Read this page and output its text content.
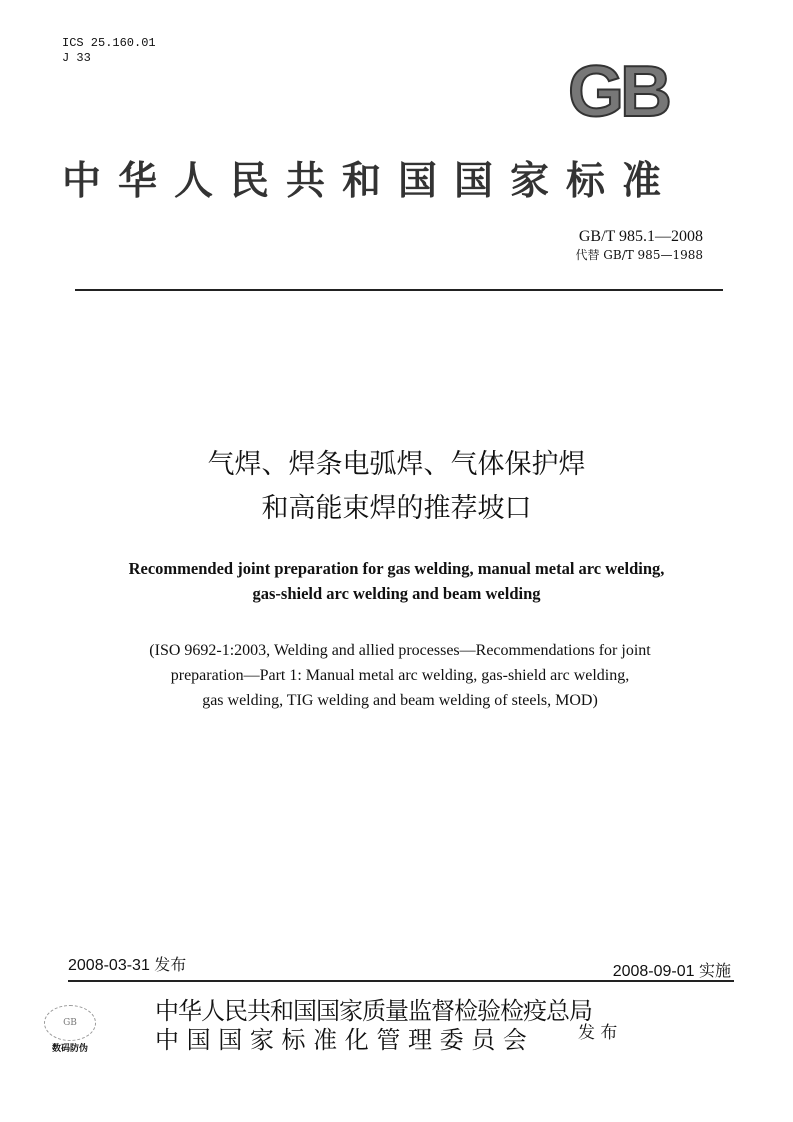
ICS 25.160.01
J 33	GB
中华人民共和国国家标准
GB/T 985.1—2008
代替 GB/T 985—1988
气焊、焊条电弧焊、气体保护焊
和高能束焊的推荐坡口
Recommended joint preparation for gas welding, manual metal arc welding,
gas-shield arc welding and beam welding
(ISO 9692-1:2003, Welding and allied processes—Recommendations for joint
preparation—Part 1: Manual metal arc welding, gas-shield arc welding,
gas welding, TIG welding and beam welding of steels, MOD)
2008-03-31 发布	2008-09-01 实施
GB
数码防伪
中华人民共和国国家质量监督检验检疫总局
中 国 国 家 标 准 化 管 理 委 员 会	发 布
